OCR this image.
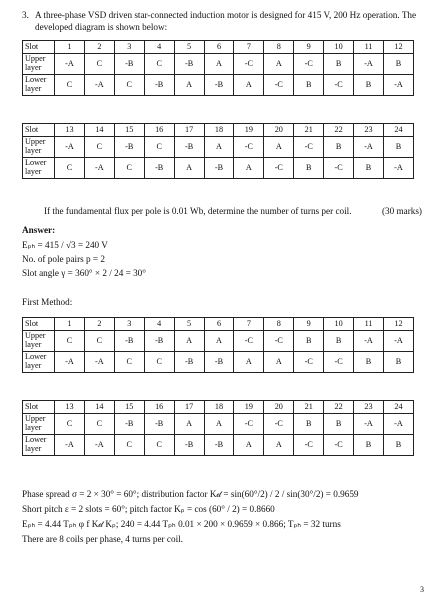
3. A three-phase VSD driven star-connected induction motor is designed for 415 V, 200 Hz operation. The developed diagram is shown below:
Slot	1	2	3	4	5	6	7	8	9	10	11	12
Upper layer	-A	C	-B	C	-B	A	-C	A	-C	B	-A	B
Lower layer	C	-A	C	-B	A	-B	A	-C	B	-C	B	-A
Slot	13	14	15	16	17	18	19	20	21	22	23	24
Upper layer	-A	C	-B	C	-B	A	-C	A	-C	B	-A	B
Lower layer	C	-A	C	-B	A	-B	A	-C	B	-C	B	-A
If the fundamental flux per pole is 0.01 Wb, determine the number of turns per coil.	(30 marks)
Answer:
Eₚₕ = 415 / √3 = 240 V
No. of pole pairs p = 2
Slot angle γ = 360° × 2 / 24 = 30°
First Method:
Slot	1	2	3	4	5	6	7	8	9	10	11	12
Upper layer	C	C	-B	-B	A	A	-C	-C	B	B	-A	-A
Lower layer	-A	-A	C	C	-B	-B	A	A	-C	-C	B	B
Slot	13	14	15	16	17	18	19	20	21	22	23	24
Upper layer	C	C	-B	-B	A	A	-C	-C	B	B	-A	-A
Lower layer	-A	-A	C	C	-B	-B	A	A	-C	-C	B	B
Phase spread σ = 2 × 30° = 60°; distribution factor K𝒹 = sin(60°/2) / 2 / sin(30°/2) = 0.9659
Short pitch ε = 2 slots = 60°; pitch factor Kₚ = cos (60° / 2) = 0.8660
Eₚₕ = 4.44 Tₚₕ φ f K𝒹 Kₚ; 240 = 4.44 Tₚₕ 0.01 × 200 × 0.9659 × 0.866; Tₚₕ = 32 turns
There are 8 coils per phase, 4 turns per coil.
3
